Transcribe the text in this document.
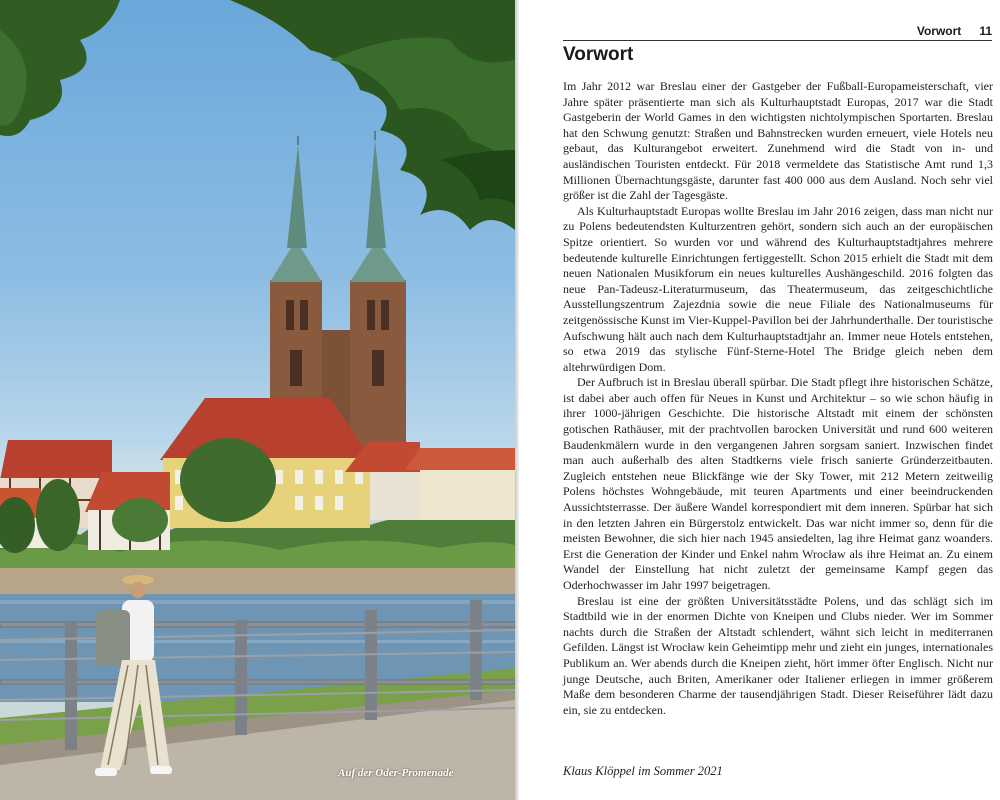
Auf der Oder-Promenade
Vorwort 11
Vorwort

Im Jahr 2012 war Breslau einer der Gastgeber der Fußball-Europameisterschaft, vier Jahre später präsentierte man sich als Kulturhauptstadt Europas, 2017 war die Stadt Gastgeberin der World Games in den wichtigsten nichtolympischen Sportarten. Breslau hat den Schwung genutzt: Straßen und Bahnstrecken wurden erneuert, viele Hotels neu gebaut, das Kulturangebot erweitert. Zunehmend wird die Stadt von in- und ausländischen Touristen entdeckt. Für 2018 vermeldete das Statistische Amt rund 1,3 Millionen Übernachtungsgäste, darunter fast 400 000 aus dem Ausland. Noch sehr viel größer ist die Zahl der Tagesgäste.

Als Kulturhauptstadt Europas wollte Breslau im Jahr 2016 zeigen, dass man nicht nur zu Polens bedeutendsten Kulturzentren gehört, sondern sich auch an der europäischen Spitze orientiert. So wurden vor und während des Kulturhauptstadtjahres mehrere bedeutende kulturelle Einrichtungen fertiggestellt. Schon 2015 erhielt die Stadt mit dem neuen Nationalen Musikforum ein neues kulturelles Aushängeschild. 2016 folgten das neue Pan-Tadeusz-Literaturmuseum, das Theatermuseum, das zeitgeschichtliche Ausstellungszentrum Zajezdnia sowie die neue Filiale des Nationalmuseums für zeitgenössische Kunst im Vier-Kuppel-Pavillon bei der Jahrhunderthalle. Der touristische Aufschwung hält auch nach dem Kulturhauptstadtjahr an. Immer neue Hotels entstehen, so etwa 2019 das stylische Fünf-Sterne-Hotel The Bridge gleich neben dem altehrwürdigen Dom.

Der Aufbruch ist in Breslau überall spürbar. Die Stadt pflegt ihre historischen Schätze, ist dabei aber auch offen für Neues in Kunst und Architektur – so wie schon häufig in ihrer 1000-jährigen Geschichte. Die historische Altstadt mit einem der schönsten gotischen Rathäuser, mit der prachtvollen barocken Universität und rund 600 weiteren Baudenkmälern wurde in den vergangenen Jahren sorgsam saniert. Inzwischen findet man auch außerhalb des alten Stadtkerns viele frisch sanierte Gründerzeitbauten. Zugleich entstehen neue Blickfänge wie der Sky Tower, mit 212 Metern zeitweilig Polens höchstes Wohngebäude, mit teuren Apartments und einer beeindruckenden Aussichtsterrasse. Der äußere Wandel korrespondiert mit dem inneren. Spürbar hat sich in den letzten Jahren ein Bürgerstolz entwickelt. Das war nicht immer so, denn für die meisten Bewohner, die sich hier nach 1945 ansiedelten, lag ihre Heimat ganz woanders. Erst die Generation der Kinder und Enkel nahm Wrocław als ihre Heimat an. Zu einem Wandel der Einstellung hat nicht zuletzt der gemeinsame Kampf gegen das Oderhochwasser im Jahr 1997 beigetragen.

Breslau ist eine der größten Universitätsstädte Polens, und das schlägt sich im Stadtbild wie in der enormen Dichte von Kneipen und Clubs nieder. Wer im Sommer nachts durch die Straßen der Altstadt schlendert, wähnt sich leicht in mediterranen Gefilden. Längst ist Wrocław kein Geheimtipp mehr und zieht ein junges, internationales Publikum an. Wer abends durch die Kneipen zieht, hört immer öfter Englisch. Nicht nur junge Deutsche, auch Briten, Amerikaner oder Italiener erliegen in immer größerem Maße dem besonderen Charme der tausendjährigen Stadt. Dieser Reiseführer lädt dazu ein, sie zu entdecken.

Klaus Klöppel im Sommer 2021
